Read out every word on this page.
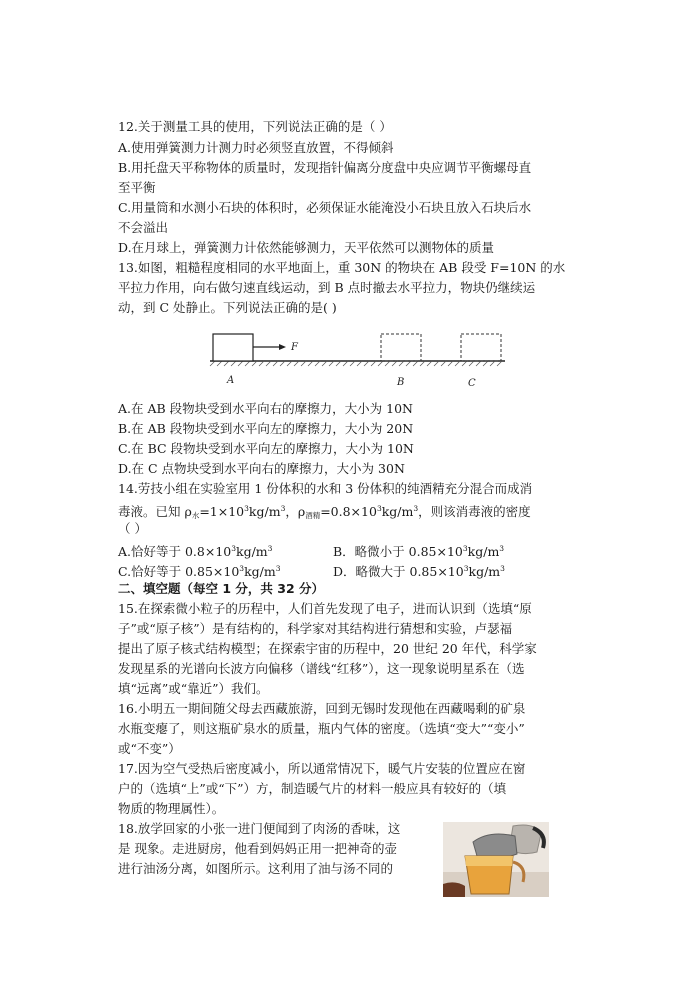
12.关于测量工具的使用，下列说法正确的是（ ）
A.使用弹簧测力计测力时必须竖直放置，不得倾斜
B.用托盘天平称物体的质量时，发现指针偏离分度盘中央应调节平衡螺母直
至平衡
C.用量筒和水测小石块的体积时，必须保证水能淹没小石块且放入石块后水
不会溢出
D.在月球上，弹簧测力计依然能够测力，天平依然可以测物体的质量
13.如图，粗糙程度相同的水平地面上，重 30N 的物块在 AB 段受 F=10N 的水
平拉力作用，向右做匀速直线运动，到 B 点时撤去水平拉力，物块仍继续运
动，到 C 处静止。下列说法正确的是( )
F
A	B	C
A.在 AB 段物块受到水平向右的摩擦力，大小为 10N
B.在 AB 段物块受到水平向左的摩擦力，大小为 20N
C.在 BC 段物块受到水平向左的摩擦力，大小为 10N
D.在 C 点物块受到水平向右的摩擦力，大小为 30N
14.劳技小组在实验室用 1 份体积的水和 3 份体积的纯酒精充分混合而成消
毒液。已知 $\rho_水=1\times 10^3kg/m^3$，$\rho_{酒精}=0.8\times 10^3kg/m^3$，则该消毒液的密度
（ ）
A.恰好等于 $0.8\times 10^3kg/m^3$	B．略微小于 $0.85\times 10^3kg/m^3$
C.恰好等于 $0.85\times 10^3kg/m^3$	D．略微大于 $0.85\times 10^3kg/m^3$
二、填空题（每空 1 分，共 32 分）
15.在探索微小粒子的历程中，人们首先发现了电子，进而认识到（选填“原
子”或“原子核”）是有结构的，科学家对其结构进行猜想和实验，卢瑟福
提出了原子核式结构模型；在探索宇宙的历程中，20 世纪 20 年代，科学家
发现星系的光谱向长波方向偏移（谱线“红移”），这一现象说明星系在（选
填“远离”或“靠近”）我们。
16.小明五一期间随父母去西藏旅游，回到无锡时发现他在西藏喝剩的矿泉
水瓶变瘪了，则这瓶矿泉水的质量，瓶内气体的密度。（选填“变大”“变小”
或“不变”）
17.因为空气受热后密度减小，所以通常情况下，暖气片安装的位置应在窗
户的（选填“上”或“下”）方，制造暖气片的材料一般应具有较好的（填
物质的物理属性）。
18.放学回家的小张一进门便闻到了肉汤的香味，这
是 现象。走进厨房，他看到妈妈正用一把神奇的壶
进行油汤分离，如图所示。这利用了油与汤不同的
